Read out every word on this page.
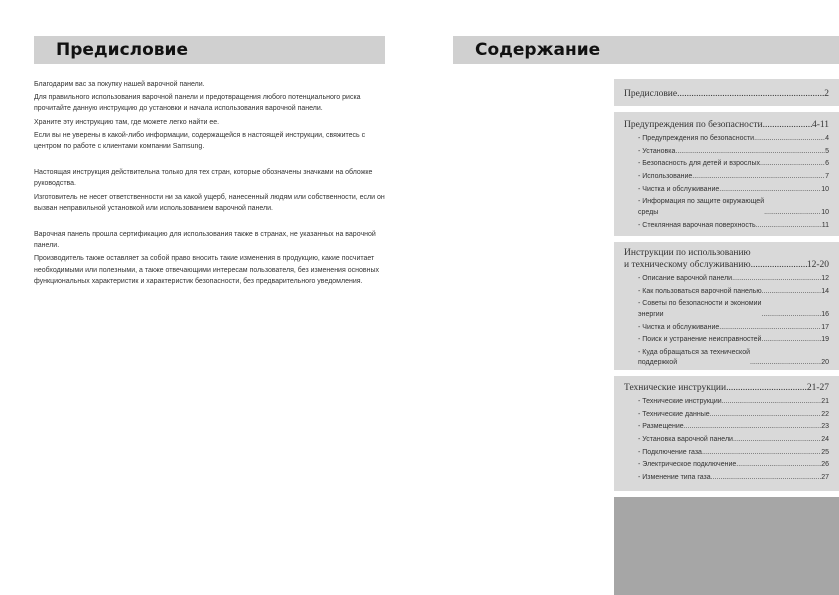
Предисловие	Содержание

Благодарим вас за покупку нашей варочной панели.

Для правильного использования варочной панели и предотвращения любого потенциального риска прочитайте данную инструкцию до установки и начала использования варочной панели.

Храните эту инструкцию там, где можете легко найти ее.

Если вы не уверены в какой-либо информации, содержащейся в настоящей инструкции, свяжитесь с центром по работе с клиентами компании Samsung.

Настоящая инструкция действительна только для тех стран, которые обозначены значками на обложке руководства.

Изготовитель не несет ответственности ни за какой ущерб, нанесенный людям или собственности, если он вызван неправильной установкой или использованием варочной панели.

Варочная панель прошла сертификацию для использования также в странах, не указанных на варочной панели.

Производитель также оставляет за собой право вносить такие изменения в продукцию, какие посчитает необходимыми или полезными, а также отвечающими интересам пользователя, без изменения основных функциональных характеристик и характеристик безопасности, без предварительного уведомления.

Предисловие .....	2
Предупреждения по безопасности .....	4-11
- Предупреждения по безопасности .....	4
- Установка .....	5
- Безопасность для детей и взрослых .....	6
- Использование .....	7
- Чистка и обслуживание .....	10
- Информация по защите окружающей
среды .....	10
- Стеклянная варочная поверхность .....	11
Инструкции по использованию
и техническому обслуживанию .....	12-20
- Описание варочной панели .....	12
- Как пользоваться варочной панелью .....	14
- Советы по безопасности и экономии
энергии .....	16
- Чистка и обслуживание .....	17
- Поиск и устранение неисправностей .....	19
- Куда обращаться за технической
поддержкой .....	20
Технические инструкции .....	21-27
- Технические инструкции .....	21
- Технические данные .....	22
- Размещение .....	23
- Установка варочной панели .....	24
- Подключение газа .....	25
- Электрическое подключение .....	26
- Изменение типа газа .....	27
